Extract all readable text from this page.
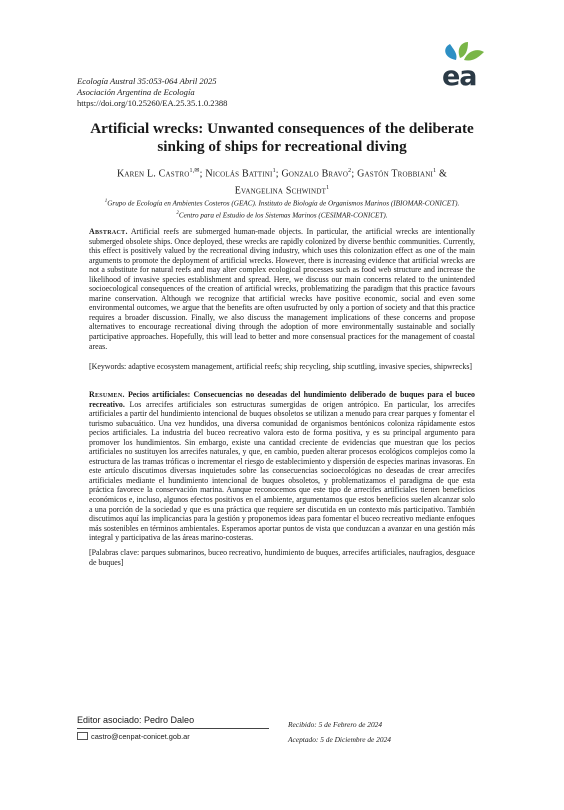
Ecología Austral 35:053-064 Abril 2025
Asociación Argentina de Ecología
https://doi.org/10.25260/EA.25.35.1.0.2388
ea
Artificial wrecks: Unwanted consequences of the deliberate
sinking of ships for recreational diving
Karen L. Castro$^{1,✉}$; Nicolás Battini$^1$; Gonzalo Bravo$^2$; Gastón Trobbiani$^1$ &
Evangelina Schwindt$^1$
$^1$Grupo de Ecología en Ambientes Costeros (GEAC). Instituto de Biología de Organismos Marinos (IBIOMAR-CONICET).
$^2$Centro para el Estudio de los Sistemas Marinos (CESIMAR-CONICET).
Abstract. Artificial reefs are submerged human-made objects. In particular, the artificial wrecks are intentionally submerged obsolete ships. Once deployed, these wrecks are rapidly colonized by diverse benthic communities. Currently, this effect is positively valued by the recreational diving industry, which uses this colonization effect as one of the main arguments to promote the deployment of artificial wrecks. However, there is increasing evidence that artificial wrecks are not a substitute for natural reefs and may alter complex ecological processes such as food web structure and increase the likelihood of invasive species establishment and spread. Here, we discuss our main concerns related to the unintended socioecological consequences of the creation of artificial wrecks, problematizing the paradigm that this practice favours marine conservation. Although we recognize that artificial wrecks have positive economic, social and even some environmental outcomes, we argue that the benefits are often usufructed by only a portion of society and that this practice requires a broader discussion. Finally, we also discuss the management implications of these concerns and propose alternatives to encourage recreational diving through the adoption of more environmentally sustainable and socially participative approaches. Hopefully, this will lead to better and more consensual practices for the management of coastal areas.
[Keywords: adaptive ecosystem management, artificial reefs; ship recycling, ship scuttling, invasive species, shipwrecks]
Resumen. Pecios artificiales: Consecuencias no deseadas del hundimiento deliberado de buques para el buceo recreativo. Los arrecifes artificiales son estructuras sumergidas de origen antrópico. En particular, los arrecifes artificiales a partir del hundimiento intencional de buques obsoletos se utilizan a menudo para crear parques y fomentar el turismo subacuático. Una vez hundidos, una diversa comunidad de organismos bentónicos coloniza rápidamente estos pecios artificiales. La industria del buceo recreativo valora esto de forma positiva, y es su principal argumento para promover los hundimientos. Sin embargo, existe una cantidad creciente de evidencias que muestran que los pecios artificiales no sustituyen los arrecifes naturales, y que, en cambio, pueden alterar procesos ecológicos complejos como la estructura de las tramas tróficas o incrementar el riesgo de establecimiento y dispersión de especies marinas invasoras. En este artículo discutimos diversas inquietudes sobre las consecuencias socioecológicas no deseadas de crear arrecifes artificiales mediante el hundimiento intencional de buques obsoletos, y problematizamos el paradigma de que esta práctica favorece la conservación marina. Aunque reconocemos que este tipo de arrecifes artificiales tienen beneficios económicos e, incluso, algunos efectos positivos en el ambiente, argumentamos que estos beneficios suelen alcanzar solo a una porción de la sociedad y que es una práctica que requiere ser discutida en un contexto más participativo. También discutimos aquí las implicancias para la gestión y proponemos ideas para fomentar el buceo recreativo mediante enfoques más sostenibles en términos ambientales. Esperamos aportar puntos de vista que conduzcan a avanzar en una gestión más integral y participativa de las áreas marino-costeras.
[Palabras clave: parques submarinos, buceo recreativo, hundimiento de buques, arrecifes artificiales, naufragios, desguace de buques]
Editor asociado: Pedro Daleo
castro@cenpat-conicet.gob.ar
Recibido: 5 de Febrero de 2024
Aceptado: 5 de Diciembre de 2024
